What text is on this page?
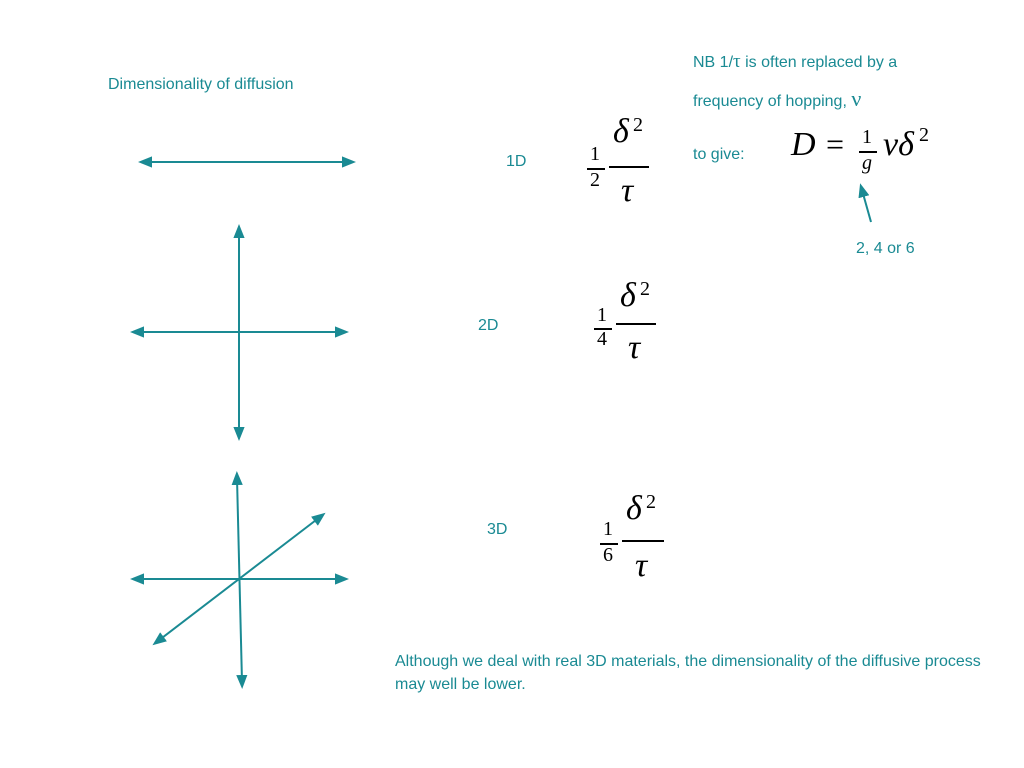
Dimensionality of diffusion
1D
2D
3D
1
2
δ 2
τ
1
4
δ 2
τ
1
6
δ 2
τ
NB 1/τ is often replaced by a
frequency of hopping, ν
to give: D = 1
g νδ 2
2, 4 or 6
Although we deal with real 3D materials, the dimensionality of the diffusive process may well be lower.
